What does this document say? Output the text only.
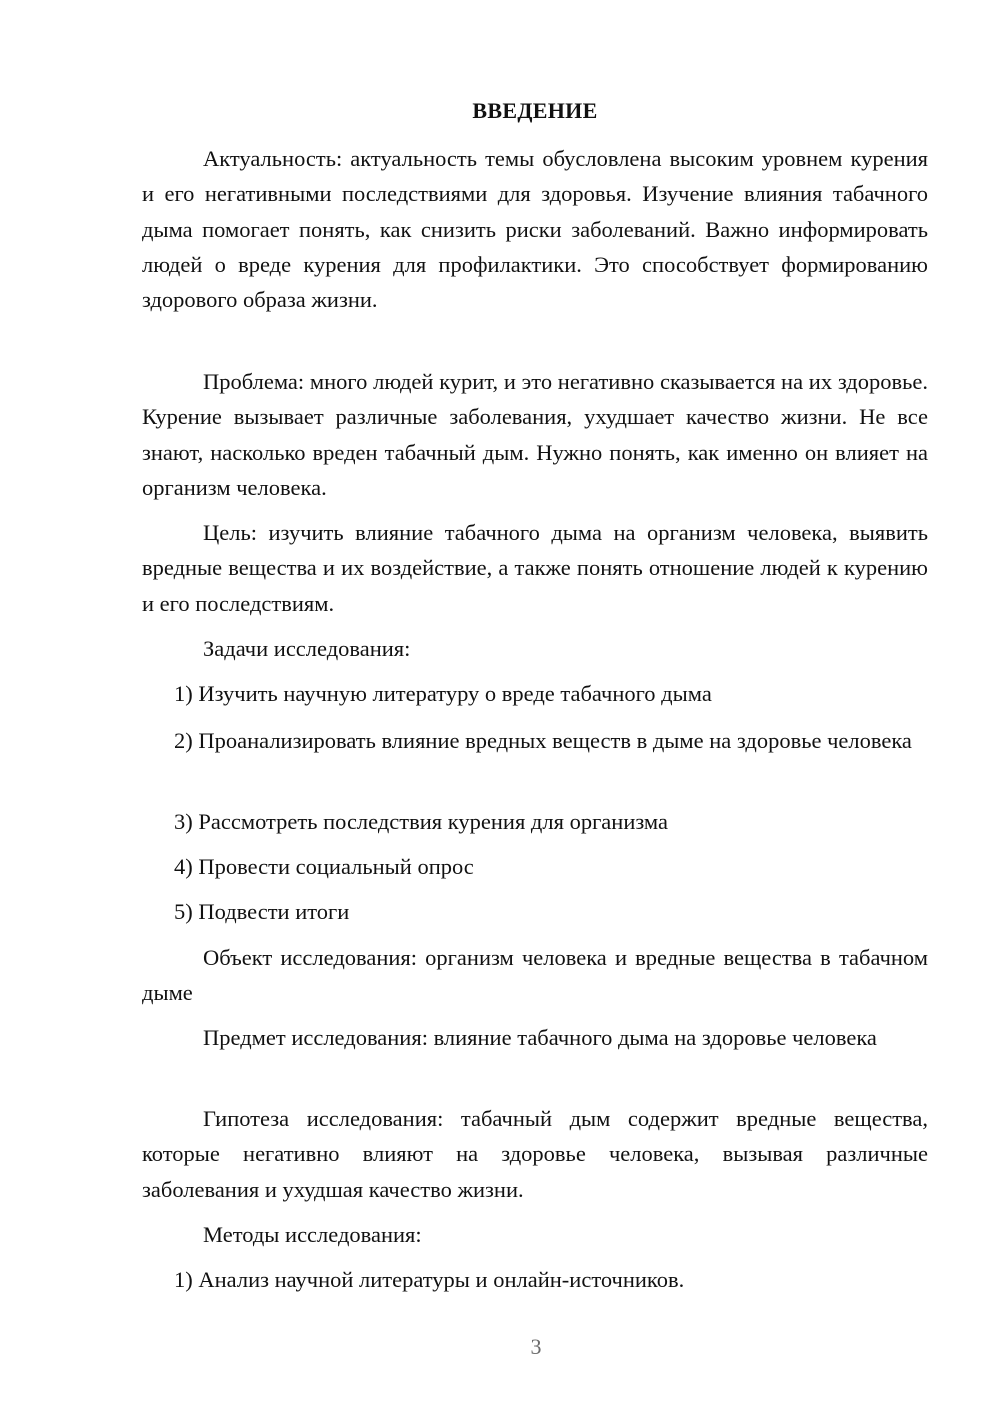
ВВЕДЕНИЕ

Актуальность: актуальность темы обусловлена высоким уровнем курения и его негативными последствиями для здоровья. Изучение влияния табачного дыма помогает понять, как снизить риски заболеваний. Важно информировать людей о вреде курения для профилактики. Это способствует формированию здорового образа жизни.

Проблема: много людей курит, и это негативно сказывается на их здоровье. Курение вызывает различные заболевания, ухудшает качество жизни. Не все знают, насколько вреден табачный дым. Нужно понять, как именно он влияет на организм человека.

Цель: изучить влияние табачного дыма на организм человека, выявить вредные вещества и их воздействие, а также понять отношение людей к курению и его последствиям.

Задачи исследования:

1) Изучить научную литературу о вреде табачного дыма

2) Проанализировать влияние вредных веществ в дыме на здоровье человека

3) Рассмотреть последствия курения для организма

4) Провести социальный опрос

5) Подвести итоги

Объект исследования: организм человека и вредные вещества в табачном дыме

Предмет исследования: влияние табачного дыма на здоровье человека

Гипотеза исследования: табачный дым содержит вредные вещества, которые негативно влияют на здоровье человека, вызывая различные заболевания и ухудшая качество жизни.

Методы исследования:

1) Анализ научной литературы и онлайн-источников.

3
